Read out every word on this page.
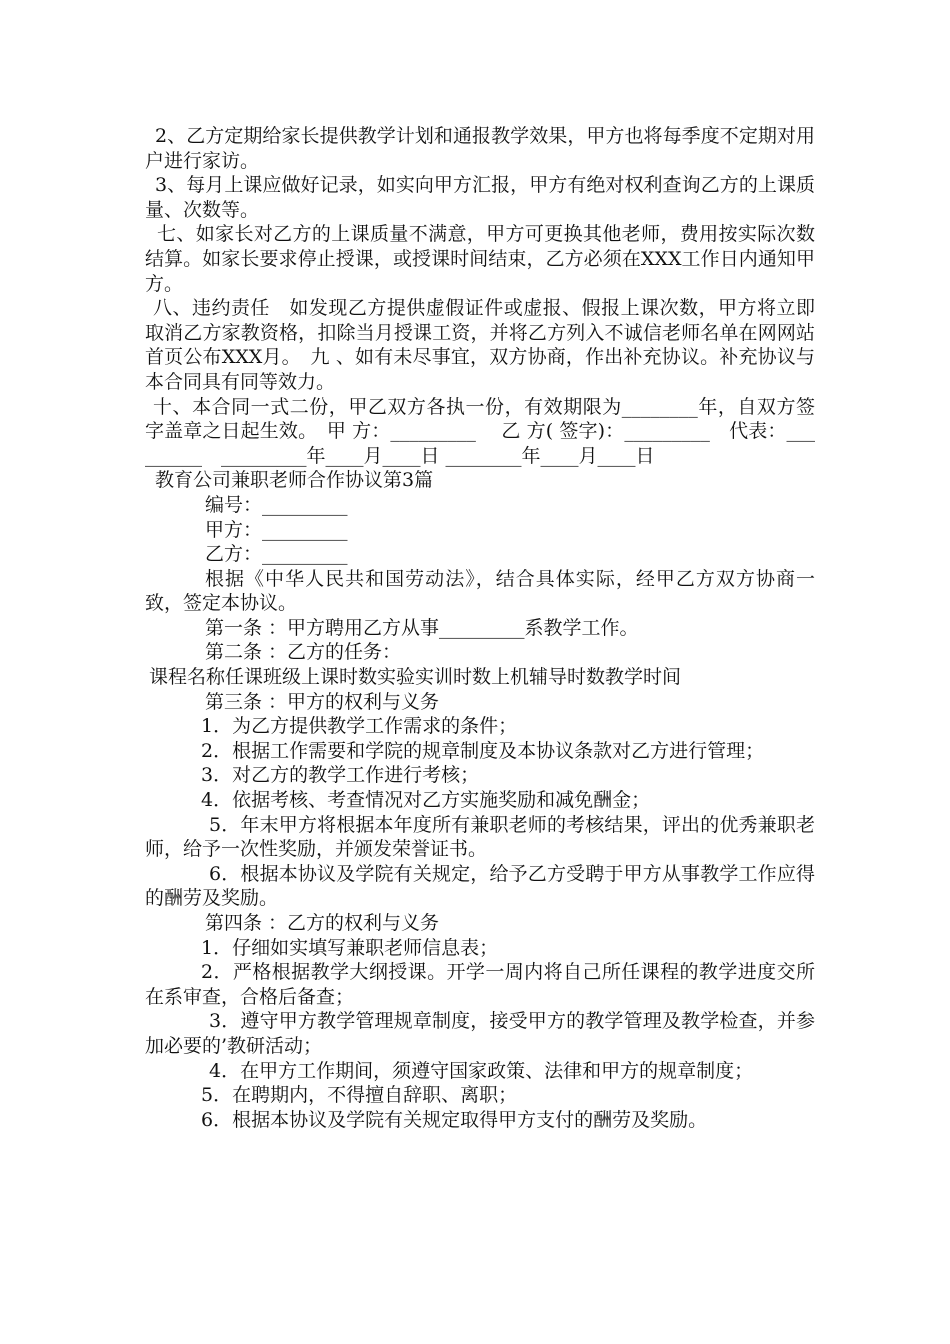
2、乙方定期给家长提供教学计划和通报教学效果，甲方也将每季度不定期对用户进行家访。

3、每月上课应做好记录，如实向甲方汇报，甲方有绝对权利查询乙方的上课质量、次数等。

七、如家长对乙方的上课质量不满意，甲方可更换其他老师，费用按实际次数结算。如家长要求停止授课，或授课时间结束，乙方必须在XXX工作日内通知甲方。

八、违约责任　如发现乙方提供虚假证件或虚报、假报上课次数，甲方将立即取消乙方家教资格，扣除当月授课工资，并将乙方列入不诚信老师名单在网网站首页公布XXX月。　九 、如有未尽事宜，双方协商，作出补充协议。补充协议与本合同具有同等效力。

十、本合同一式二份，甲乙双方各执一份，有效期限为________年，自双方签字盖章之日起生效。　甲 方：_________　 乙 方( 签字)：_________　代表：_________　_________年____月____日 ________年____月____日

教育公司兼职老师合作协议第3篇

编号：_________

甲方：_________

乙方：_________

根据《中华人民共和国劳动法》，结合具体实际，经甲乙方双方协商一致，签定本协议。

第一条 ：甲方聘用乙方从事_________系教学工作。

第二条 ：乙方的任务：

课程名称任课班级上课时数实验实训时数上机辅导时数教学时间

第三条 ：甲方的权利与义务

1．为乙方提供教学工作需求的条件；

2．根据工作需要和学院的规章制度及本协议条款对乙方进行管理；

3．对乙方的教学工作进行考核；

4．依据考核、考查情况对乙方实施奖励和减免酬金；

5．年末甲方将根据本年度所有兼职老师的考核结果，评出的优秀兼职老师，给予一次性奖励，并颁发荣誉证书。

6．根据本协议及学院有关规定，给予乙方受聘于甲方从事教学工作应得的酬劳及奖励。

第四条 ：乙方的权利与义务

1．仔细如实填写兼职老师信息表；

2．严格根据教学大纲授课。开学一周内将自己所任课程的教学进度交所在系审查，合格后备查；

3．遵守甲方教学管理规章制度，接受甲方的教学管理及教学检查，并参加必要的’教研活动；

4．在甲方工作期间，须遵守国家政策、法律和甲方的规章制度；

5．在聘期内，不得擅自辞职、离职；

6．根据本协议及学院有关规定取得甲方支付的酬劳及奖励。
